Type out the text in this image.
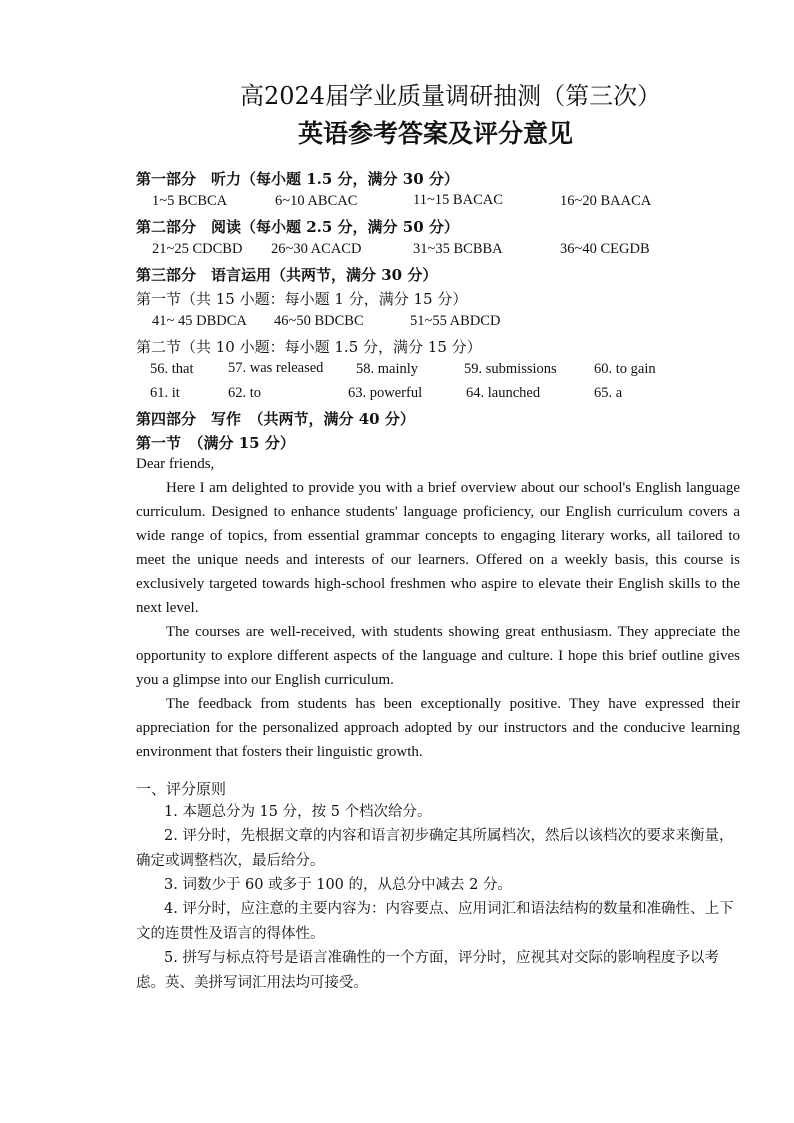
高2024届学业质量调研抽测（第三次）
英语参考答案及评分意见
第一部分　听力（每小题 1.5 分，满分 30 分）
1~5 BCBCA	6~10 ABCAC	11~15 BACAC	16~20 BAACA
第二部分　阅读（每小题 2.5 分，满分 50 分）
21~25 CDCBD 26~30 ACACD	31~35 BCBBA	36~40 CEGDB
第三部分　语言运用（共两节，满分 30 分）
第一节（共 15 小题：每小题 1 分，满分 15 分）
41~ 45 DBDCA 46~50 BDCBC	51~55 ABDCD
第二节（共 10 小题：每小题 1.5 分，满分 15 分）
56. that 57. was released 58. mainly	59. submissions	60. to gain
61. it	62. to	63. powerful	64. launched	65. a
第四部分　写作　（共两节，满分 40 分）
第一节　（满分 15 分）
Dear friends,
Here I am delighted to provide you with a brief overview about our school's English language curriculum. Designed to enhance students' language proficiency, our English curriculum covers a wide range of topics, from essential grammar concepts to engaging literary works, all tailored to meet the unique needs and interests of our learners. Offered on a weekly basis, this course is exclusively targeted towards high-school freshmen who aspire to elevate their English skills to the next level.
The courses are well-received, with students showing great enthusiasm. They appreciate the opportunity to explore different aspects of the language and culture. I hope this brief outline gives you a glimpse into our English curriculum.
The feedback from students has been exceptionally positive. They have expressed their appreciation for the personalized approach adopted by our instructors and the conducive learning environment that fosters their linguistic growth.
一、评分原则
1. 本题总分为 15 分，按 5 个档次给分。
2. 评分时，先根据文章的内容和语言初步确定其所属档次，然后以该档次的要求来衡量，确定或调整档次，最后给分。
3. 词数少于 60 或多于 100 的，从总分中减去 2 分。
4. 评分时，应注意的主要内容为：内容要点、应用词汇和语法结构的数量和准确性、上下文的连贯性及语言的得体性。
5. 拼写与标点符号是语言准确性的一个方面，评分时，应视其对交际的影响程度予以考虑。英、美拼写词汇用法均可接受。
